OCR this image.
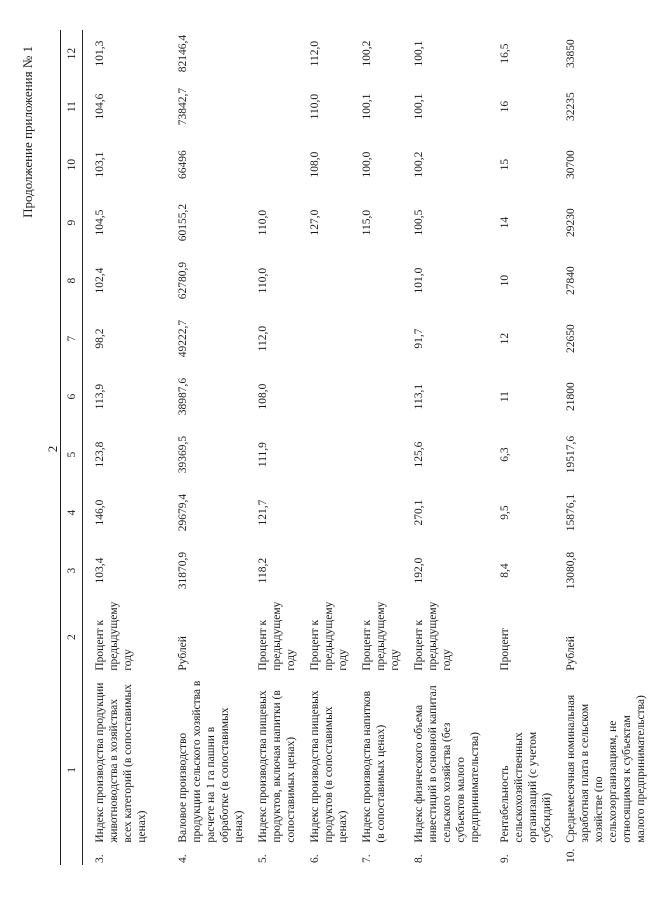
2
Продолжение приложения № 1
1		2	3	4	5	6	7	8	9	10	11	12
3.	Индекс производства продукции животноводства в хозяйствах всех категорий (в сопоставимых ценах)	Процент к предыдущему году	103,4	146,0	123,8	113,9	98,2	102,4	104,5	103,1	104,6	101,3
4.	Валовое производство продукции сельского хозяйства в расчете на 1 га пашни в обработке (в сопоставимых ценах)	Рублей	31870,9	29679,4	39369,5	38987,6	49222,7	62780,9	60155,2	66496	73842,7	82146,4
5.	Индекс производства пищевых продуктов, включая напитки (в сопоставимых ценах)	Процент к предыдущему году	118,2	121,7	111,9	108,0	112,0	110,0	110,0			
6.	Индекс производства пищевых продуктов (в сопоставимых ценах)	Процент к предыдущему году							127,0	108,0	110,0	112,0
7.	Индекс производства напитков (в сопоставимых ценах)	Процент к предыдущему году							115,0	100,0	100,1	100,2
8.	Индекс физического объема инвестиций в основной капитал сельского хозяйства (без субъектов малого предпринимательства)	Процент к предыдущему году	192,0	270,1	125,6	113,1	91,7	101,0	100,5	100,2	100,1	100,1
9.	Рентабельность сельскохозяйственных организаций (с учетом субсидий)	Процент	8,4	9,5	6,3	11	12	10	14	15	16	16,5
10.	Среднемесячная номинальная заработная плата в сельском хозяйстве (по сельхозорганизациям, не относящимся к субъектам малого предпринимательства)	Рублей	13080,8	15876,1	19517,6	21800	22650	27840	29230	30700	32235	33850
